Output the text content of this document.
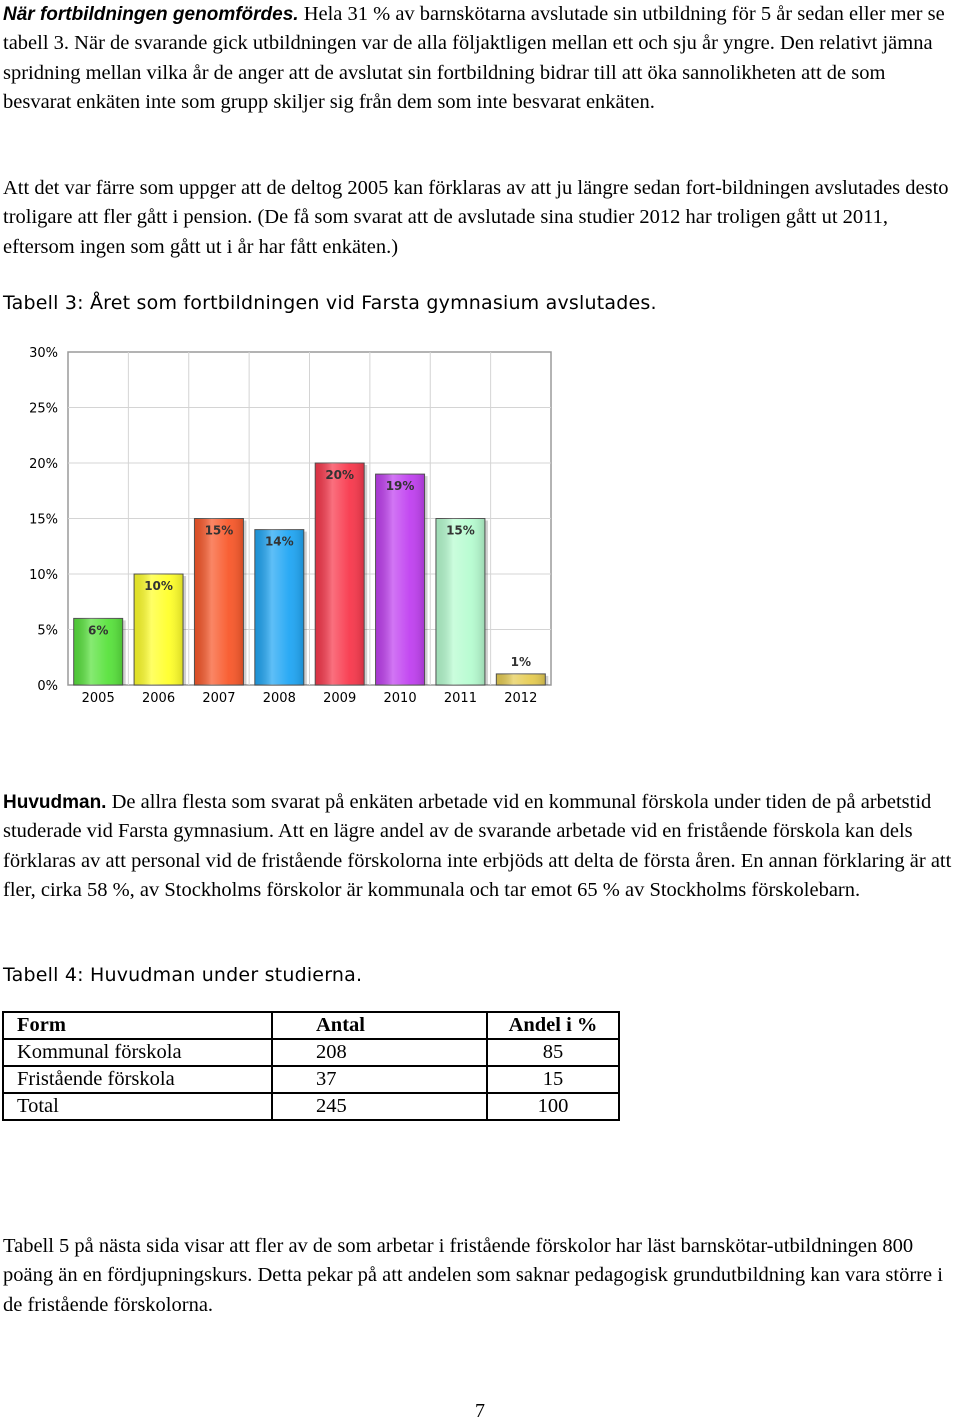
När fortbildningen genomfördes. Hela 31 % av barnskötarna avslutade sin utbildning för 5 år sedan eller mer se tabell 3. När de svarande gick utbildningen var de alla följaktligen mellan ett och sju år yngre. Den relativt jämna spridning mellan vilka år de anger att de avslutat sin fortbildning bidrar till att öka sannolikheten att de som besvarat enkäten inte som grupp skiljer sig från dem som inte besvarat enkäten.

Att det var färre som uppger att de deltog 2005 kan förklaras av att ju längre sedan fort-bildningen avslutades desto troligare att fler gått i pension. (De få som svarat att de avslutade sina studier 2012 har troligen gått ut 2011, eftersom ingen som gått ut i år har fått enkäten.)

Tabell 3: Året som fortbildningen vid Farsta gymnasium avslutades.

0%
5%
10%
15%
20%
25%
30%
6%
2005
10%
2006
15%
2007
14%
2008
20%
2009
19%
2010
15%
2011
1%
2012

Huvudman. De allra flesta som svarat på enkäten arbetade vid en kommunal förskola under tiden de på arbetstid studerade vid Farsta gymnasium. Att en lägre andel av de svarande arbetade vid en fristående förskola kan dels förklaras av att personal vid de fristående förskolorna inte erbjöds att delta de första åren. En annan förklaring är att fler, cirka 58 %, av Stockholms förskolor är kommunala och tar emot 65 % av Stockholms förskolebarn.

Tabell 4: Huvudman under studierna.

Form	Antal	Andel i %
Kommunal förskola	208	85
Fristående förskola	37	15
Total	245	100

Tabell 5 på nästa sida visar att fler av de som arbetar i fristående förskolor har läst barnskötar-utbildningen 800 poäng än en fördjupningskurs. Detta pekar på att andelen som saknar pedagogisk grundutbildning kan vara större i de fristående förskolorna.

7
